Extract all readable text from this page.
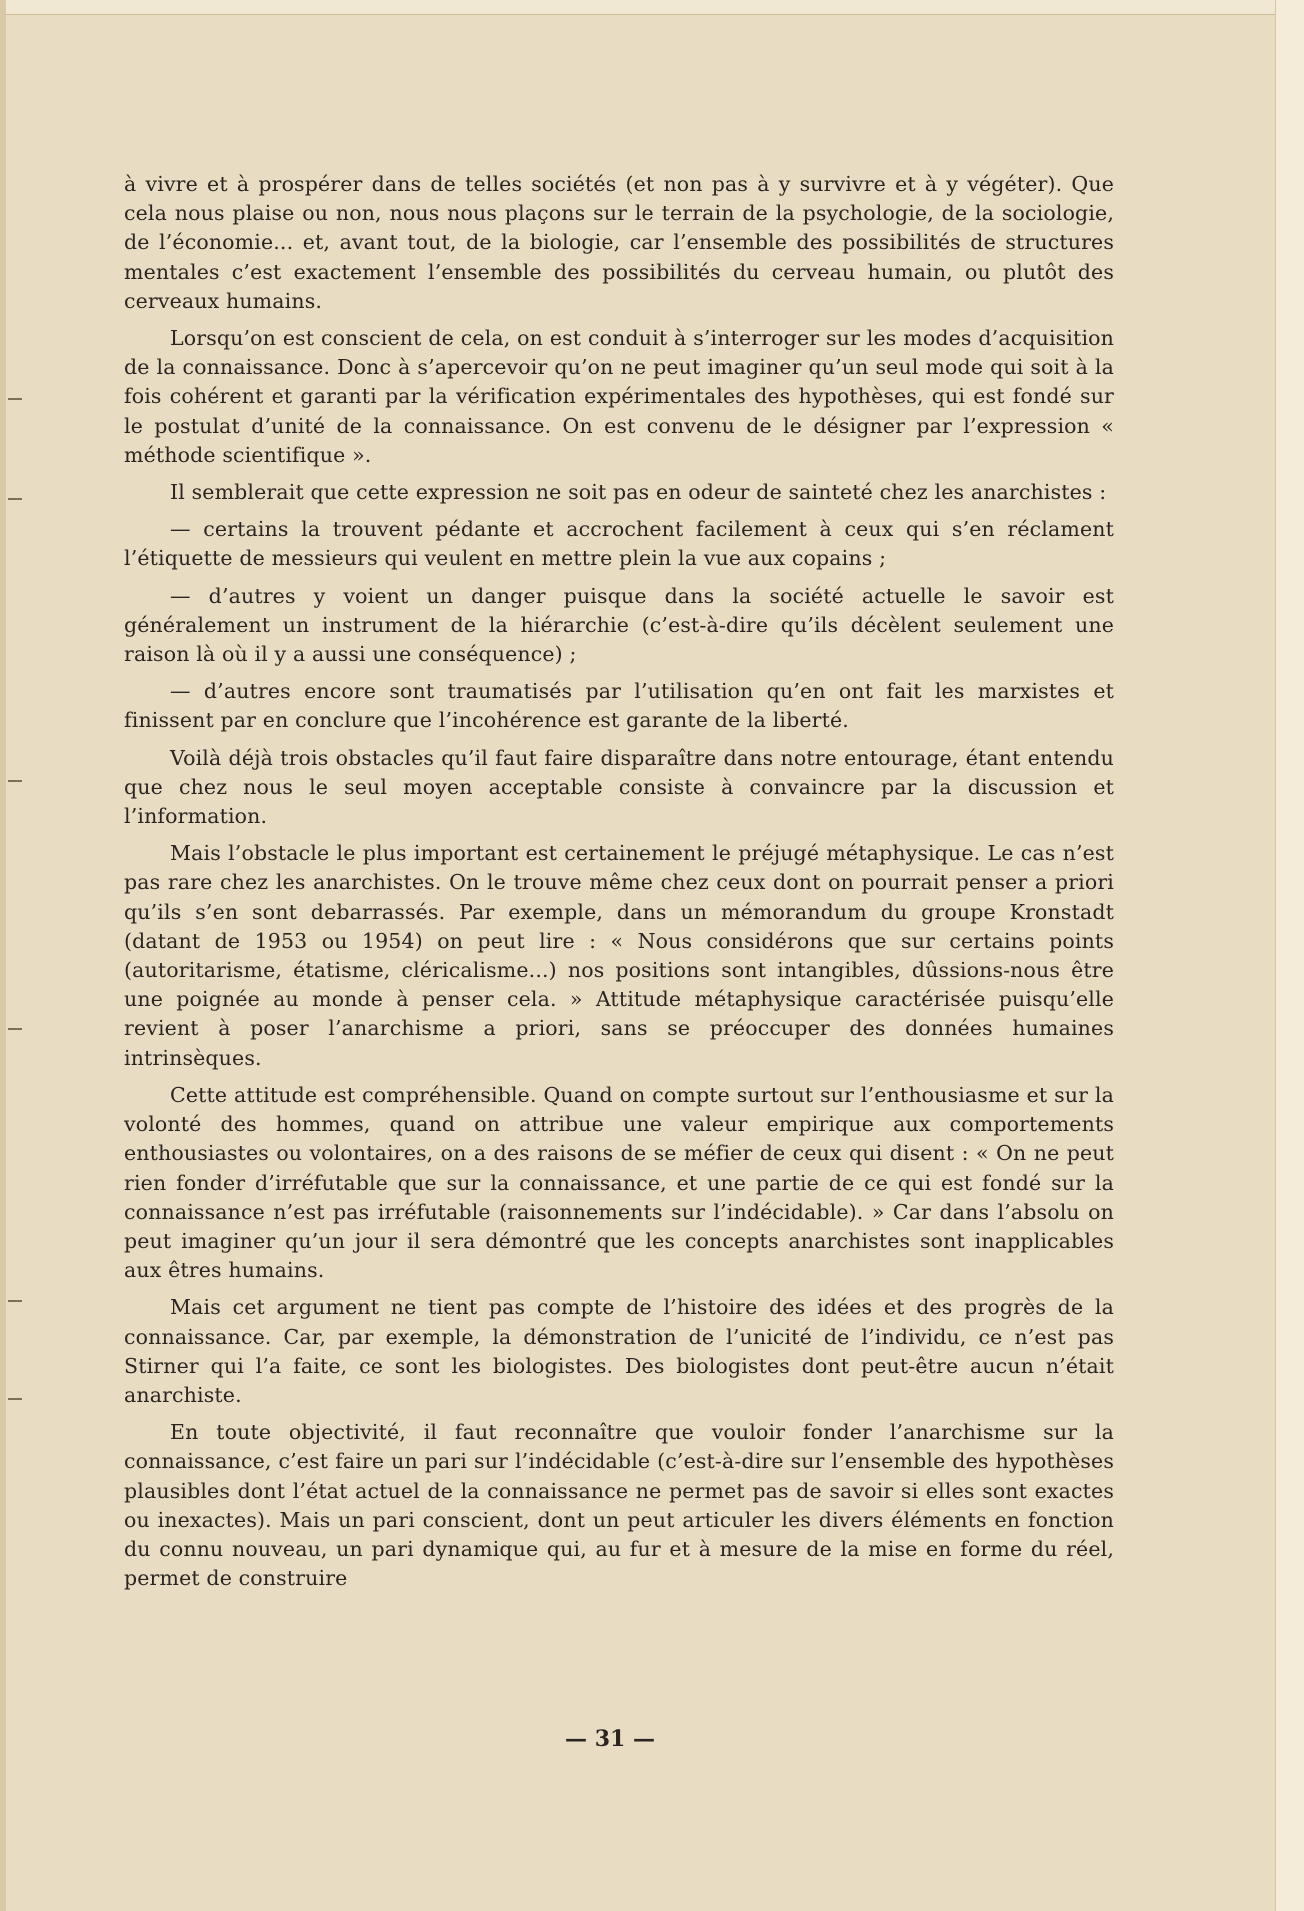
à vivre et à prospérer dans de telles sociétés (et non pas à y survivre et à y végéter). Que cela nous plaise ou non, nous nous plaçons sur le terrain de la psychologie, de la sociologie, de l’économie... et, avant tout, de la biologie, car l’ensemble des possibilités de structures mentales c’est exactement l’ensemble des possibilités du cerveau humain, ou plutôt des cerveaux humains.

Lorsqu’on est conscient de cela, on est conduit à s’interroger sur les modes d’acquisition de la connaissance. Donc à s’apercevoir qu’on ne peut imaginer qu’un seul mode qui soit à la fois cohérent et garanti par la vérification expérimentales des hypothèses, qui est fondé sur le postulat d’unité de la connaissance. On est convenu de le désigner par l’expression « méthode scientifique ».

Il semblerait que cette expression ne soit pas en odeur de sainteté chez les anarchistes :

— certains la trouvent pédante et accrochent facilement à ceux qui s’en réclament l’étiquette de messieurs qui veulent en mettre plein la vue aux copains ;

— d’autres y voient un danger puisque dans la société actuelle le savoir est généralement un instrument de la hiérarchie (c’est-à-dire qu’ils décèlent seulement une raison là où il y a aussi une conséquence) ;

— d’autres encore sont traumatisés par l’utilisation qu’en ont fait les marxistes et finissent par en conclure que l’incohérence est garante de la liberté.

Voilà déjà trois obstacles qu’il faut faire disparaître dans notre entourage, étant entendu que chez nous le seul moyen acceptable consiste à convaincre par la discussion et l’information.

Mais l’obstacle le plus important est certainement le préjugé métaphysique. Le cas n’est pas rare chez les anarchistes. On le trouve même chez ceux dont on pourrait penser a priori qu’ils s’en sont debarrassés. Par exemple, dans un mémorandum du groupe Kronstadt (datant de 1953 ou 1954) on peut lire : « Nous considérons que sur certains points (autoritarisme, étatisme, cléricalisme...) nos positions sont intangibles, dûssions-nous être une poignée au monde à penser cela. » Attitude métaphysique caractérisée puisqu’elle revient à poser l’anarchisme a priori, sans se préoccuper des données humaines intrinsèques.

Cette attitude est compréhensible. Quand on compte surtout sur l’enthousiasme et sur la volonté des hommes, quand on attribue une valeur empirique aux comportements enthousiastes ou volontaires, on a des raisons de se méfier de ceux qui disent : « On ne peut rien fonder d’irréfutable que sur la connaissance, et une partie de ce qui est fondé sur la connaissance n’est pas irréfutable (raisonnements sur l’indécidable). » Car dans l’absolu on peut imaginer qu’un jour il sera démontré que les concepts anarchistes sont inapplicables aux êtres humains.

Mais cet argument ne tient pas compte de l’histoire des idées et des progrès de la connaissance. Car, par exemple, la démonstration de l’unicité de l’individu, ce n’est pas Stirner qui l’a faite, ce sont les biologistes. Des biologistes dont peut-être aucun n’était anarchiste.

En toute objectivité, il faut reconnaître que vouloir fonder l’anarchisme sur la connaissance, c’est faire un pari sur l’indécidable (c’est-à-dire sur l’ensemble des hypothèses plausibles dont l’état actuel de la connaissance ne permet pas de savoir si elles sont exactes ou inexactes). Mais un pari conscient, dont un peut articuler les divers éléments en fonction du connu nouveau, un pari dynamique qui, au fur et à mesure de la mise en forme du réel, permet de construire

— 31 —
